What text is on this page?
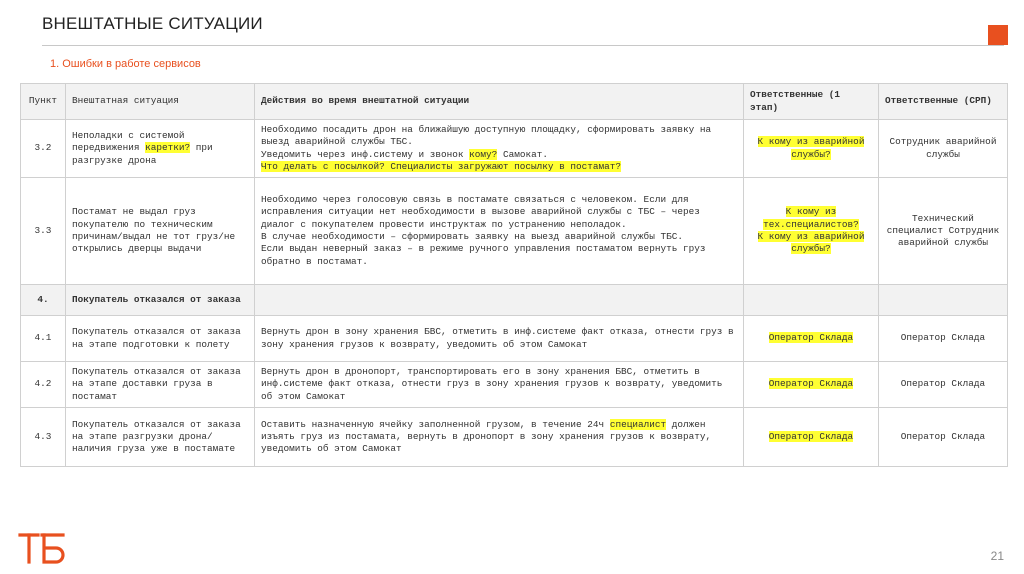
ВНЕШТАТНЫЕ СИТУАЦИИ
1. Ошибки в работе сервисов
Пункт	Внештатная ситуация	Действия во время внештатной ситуации	Ответственные (1 этап)	Ответственные (СРП)
3.2	Неполадки с системой передвижения каретки? при разгрузке дрона	Необходимо посадить дрон на ближайшую доступную площадку, сформировать заявку на выезд аварийной службы ТБС.
Уведомить через инф.систему и звонок кому? Самокат.
Что делать с посылкой? Специалисты загружают посылку в постамат?	К кому из аварийной службы?	Сотрудник аварийной службы
3.3	Постамат не выдал груз покупателю по техническим причинам/выдал не тот груз/не открылись дверцы выдачи	Необходимо через голосовую связь в постамате связаться с человеком. Если для исправления ситуации нет необходимости в вызове аварийной службы с ТБС – через диалог с покупателем провести инструктаж по устранению неполадок.
В случае необходимости – сформировать заявку на выезд аварийной службы ТБС.
Если выдан неверный заказ – в режиме ручного управления постаматом вернуть груз обратно в постамат.	К кому из тех.специалистов?
К кому из аварийной службы?	Технический специалист Сотрудник аварийной службы
4.	Покупатель отказался от заказа			
4.1	Покупатель отказался от заказа на этапе подготовки к полету	Вернуть дрон в зону хранения БВС, отметить в инф.системе факт отказа, отнести груз в зону хранения грузов к возврату, уведомить об этом Самокат	Оператор Склада	Оператор Склада
4.2	Покупатель отказался от заказа на этапе доставки груза в постамат	Вернуть дрон в дронопорт, транспортировать его в зону хранения БВС, отметить в инф.системе факт отказа, отнести груз в зону хранения грузов к возврату, уведомить об этом Самокат	Оператор Склада	Оператор Склада
4.3	Покупатель отказался от заказа на этапе разгрузки дрона/наличия груза уже в постамате	Оставить назначенную ячейку заполненной грузом, в течение 24ч специалист должен изъять груз из постамата, вернуть в дронопорт в зону хранения грузов к возврату, уведомить об этом Самокат	Оператор Склада	Оператор Склада
21
